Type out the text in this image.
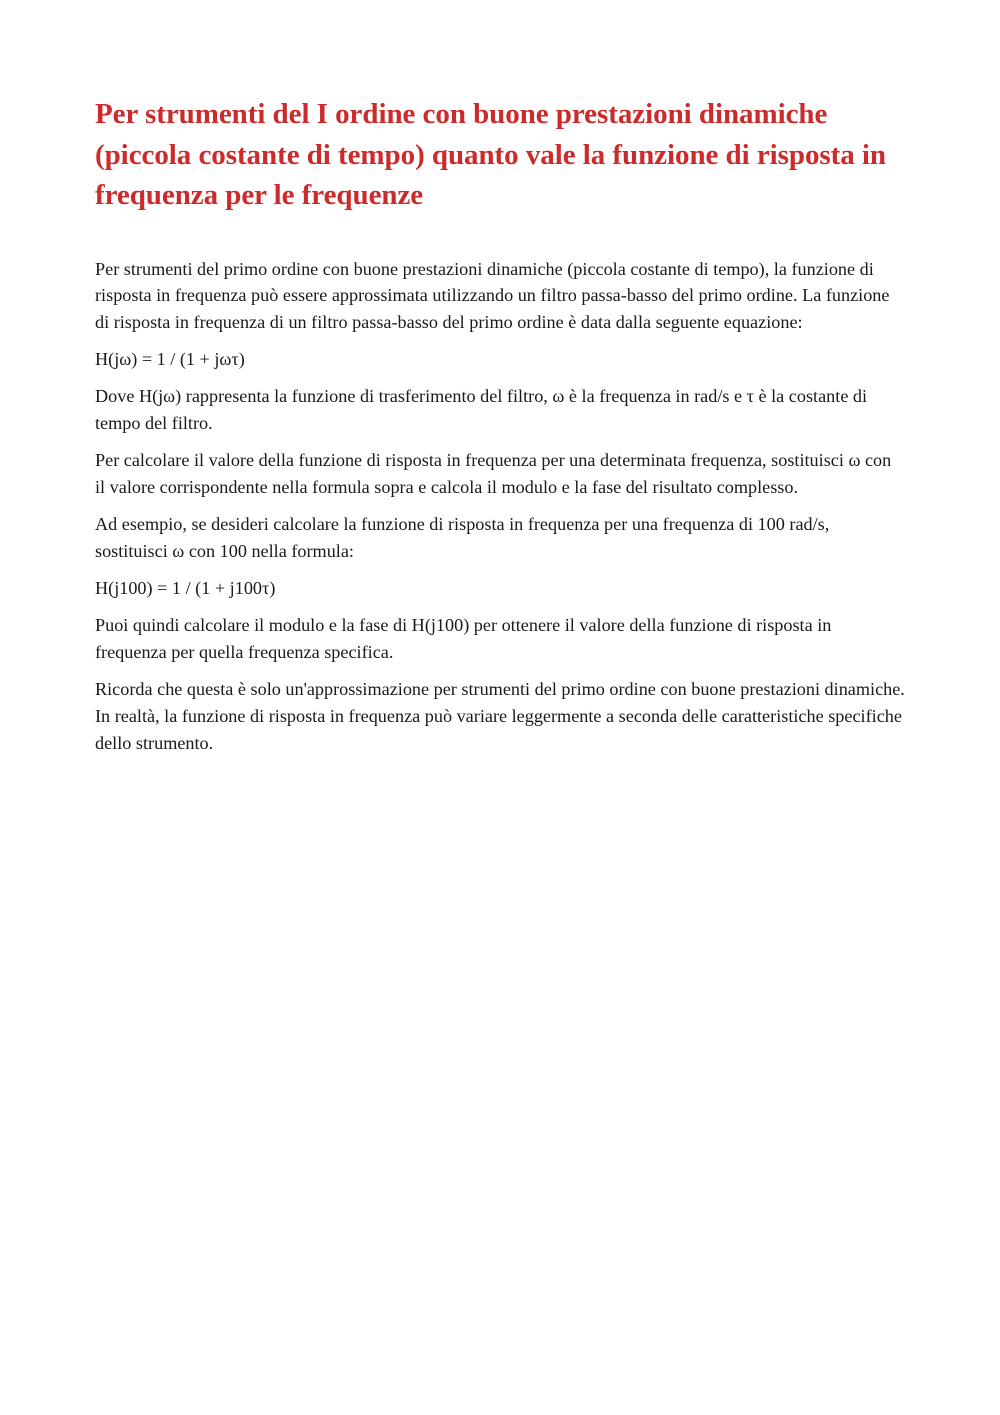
Per strumenti del I ordine con buone prestazioni dinamiche (piccola costante di tempo) quanto vale la funzione di risposta in frequenza per le frequenze

Per strumenti del primo ordine con buone prestazioni dinamiche (piccola costante di tempo), la funzione di risposta in frequenza può essere approssimata utilizzando un filtro passa-basso del primo ordine. La funzione di risposta in frequenza di un filtro passa-basso del primo ordine è data dalla seguente equazione:

H(jω) = 1 / (1 + jωτ)

Dove H(jω) rappresenta la funzione di trasferimento del filtro, ω è la frequenza in rad/s e τ è la costante di tempo del filtro.

Per calcolare il valore della funzione di risposta in frequenza per una determinata frequenza, sostituisci ω con il valore corrispondente nella formula sopra e calcola il modulo e la fase del risultato complesso.

Ad esempio, se desideri calcolare la funzione di risposta in frequenza per una frequenza di 100 rad/s, sostituisci ω con 100 nella formula:

H(j100) = 1 / (1 + j100τ)

Puoi quindi calcolare il modulo e la fase di H(j100) per ottenere il valore della funzione di risposta in frequenza per quella frequenza specifica.

Ricorda che questa è solo un'approssimazione per strumenti del primo ordine con buone prestazioni dinamiche. In realtà, la funzione di risposta in frequenza può variare leggermente a seconda delle caratteristiche specifiche dello strumento.
